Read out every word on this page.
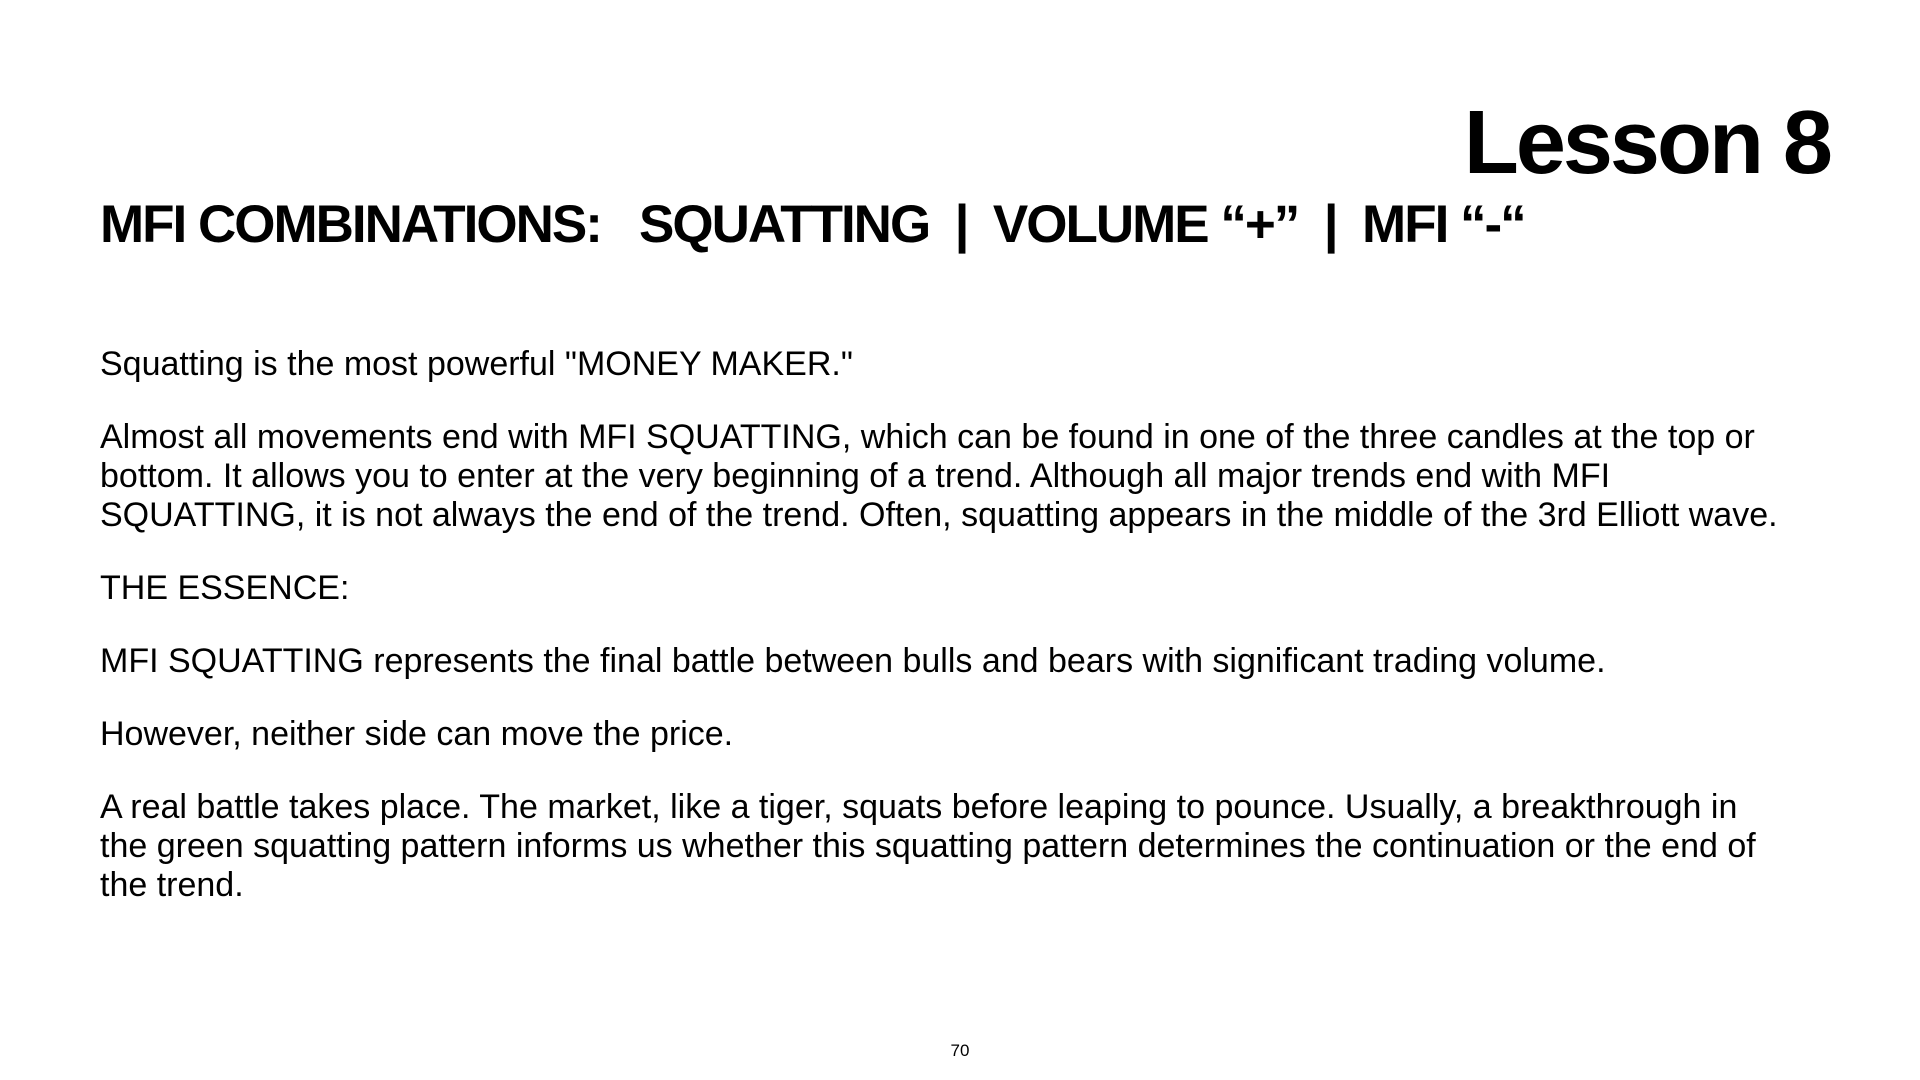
Lesson 8
MFI COMBINATIONS:   SQUATTING  |  VOLUME “+”  |  MFI “-“

Squatting is the most powerful "MONEY MAKER."

Almost all movements end with MFI SQUATTING, which can be found in one of the three candles at the top or bottom. It allows you to enter at the very beginning of a trend. Although all major trends end with MFI SQUATTING, it is not always the end of the trend. Often, squatting appears in the middle of the 3rd Elliott wave.

THE ESSENCE:

MFI SQUATTING represents the final battle between bulls and bears with significant trading volume.

However, neither side can move the price.

A real battle takes place. The market, like a tiger, squats before leaping to pounce. Usually, a breakthrough in the green squatting pattern informs us whether this squatting pattern determines the continuation or the end of the trend.

70
